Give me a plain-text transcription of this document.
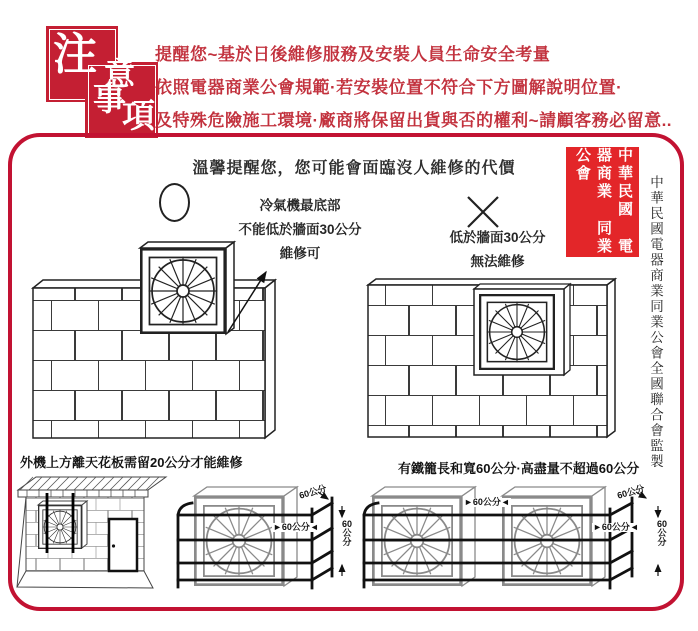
注 意
事
項
提醒您~基於日後維修服務及安裝人員生命安全考量
依照電器商業公會規範·若安裝位置不符合下方圖解說明位置·
及特殊危險施工環境·廠商將保留出貨與否的權利~請顧客務必留意..
溫馨提醒您，您可能會面臨沒人維修的代價
冷氣機最底部
不能低於牆面30公分
維修可
低於牆面30公分
無法維修
中華民國 電器商業 同業公會
中華民國電器商業同業公會全國聯合會監製
外機上方離天花板需留20公分才能維修	有鐵籠長和寬60公分·高盡量不超過60公分
60公分
►60公分◄	60公分
►60公分◄
60公分
►60公分◄ 60公分
